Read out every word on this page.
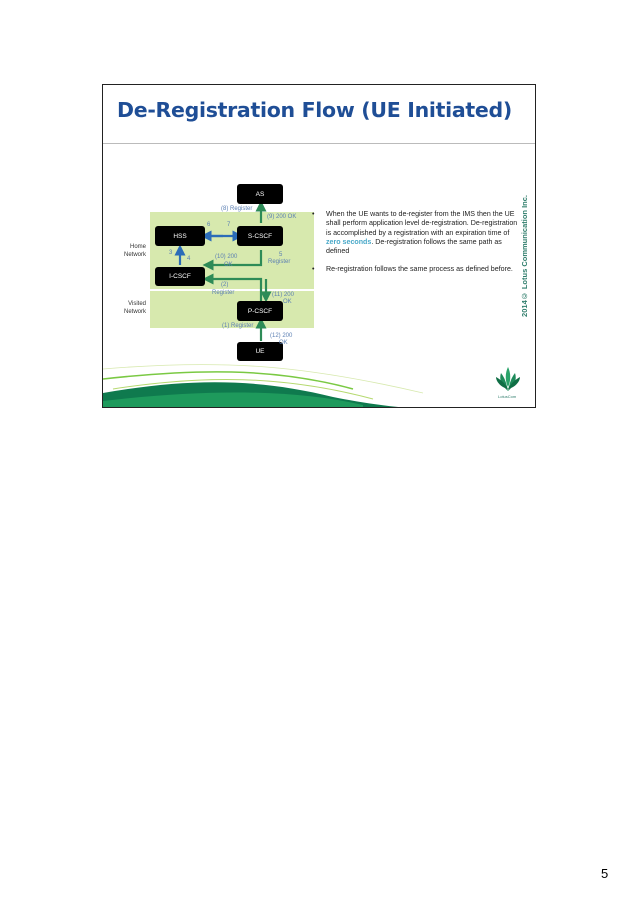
De-Registration Flow (UE Initiated)
Home
Network
Visited
Network
AS
HSS	S-CSCF
I-CSCF
P-CSCF
UE
(8) Register
(9) 200 OK
6	7
3
4	(10) 200
OK
5
Register
(2)
Register	(11) 200
OK
(1) Register
(12) 200
OK
• When the UE wants to de-register from the IMS then the UE shall perform application level de-registration. De-registration is accomplished by a registration with an expiration time of zero seconds. De-registration follows the same path as defined
• Re-registration follows the same process as defined before. 2014© Lotus Communication Inc.
LotusCom
5
